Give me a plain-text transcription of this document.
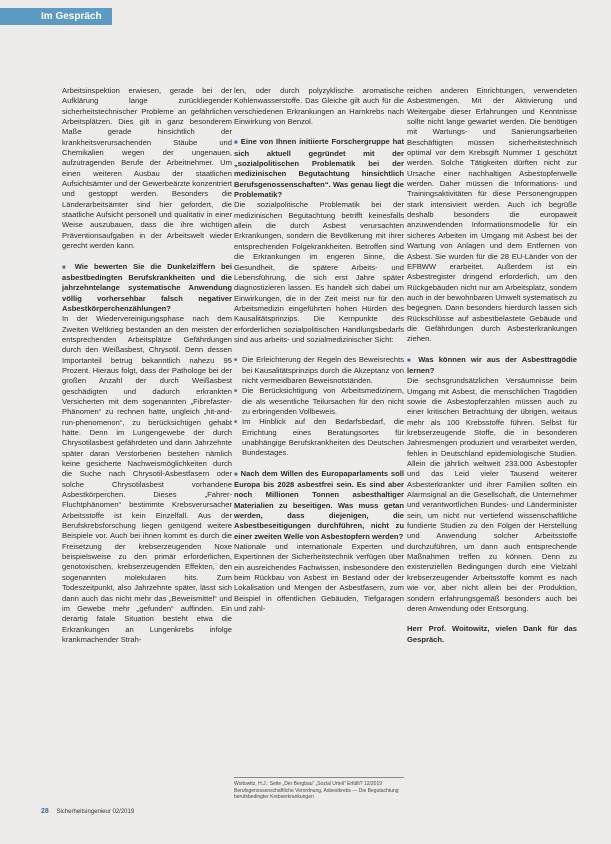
Im Gespräch

Arbeitsinspektion erwiesen, gerade bei der Aufklärung lange zurückliegender sicherheitstechnischer Probleme an gefährlichen Arbeitsplätzen. Dies gilt in ganz besonderem Maße gerade hinsichtlich der krankheitsverursachenden Stäube und Chemikalien wegen der ungenauen, aufzutragenden Berufe der Arbeitnehmer. Um einen weiteren Ausbau der staatlichen Aufsichtsämter und der Gewerbeärzte konzentriert und gestoppt werden. Besonders die Länderarbeitsämter sind hier gefordert, die staatliche Aufsicht personell und qualitativ in einer Weise auszubauen, dass die ihre wichtigen Präventionsaufgaben in der Arbeitswelt wieder gerecht werden kann.

■ Wie bewerten Sie die Dunkelziffern bei asbestbedingten Berufskrankheiten und die jahrzehntelange systematische Anwendung völlig vorhersehbar falsch negativer Asbestkörperchenzählungen?

In der Wiedervereinigungsphase nach dem Zweiten Weltkrieg bestanden an den meisten der entsprechenden Arbeitsplätze Gefährdungen durch den Weißasbest, Chrysotil. Denn dessen Importanteil betrug bekanntlich nahezu 95 Prozent. Hieraus folgt, dass der Pathologe bei der großen Anzahl der durch Weißasbest geschädigten und dadurch erkrankten Versicherten mit dem sogenannten „Fibrefaster-Phänomen“ zu rechnen hatte, ungleich „hit-and-run-phenomenon“, zu berücksichtigen gehabt hätte. Denn im Lungengewebe der durch Chrysotilasbest gefährdeten und dann Jahrzehnte später daran Verstorbenen bestehen nämlich keine gesicherte Nachweismöglichkeiten durch die Suche nach Chrysotil-Asbestfasern oder solche Chrysotilasbest vorhandene Asbestkörperchen. Dieses „Fahrer-Fluchtphänomen“ bestimmte Krebsverursacher Arbeitsstoffe ist kein Einzelfall. Aus der Berufskrebsforschung liegen genügend weitere Beispiele vor. Auch bei ihnen kommt es durch die Freisetzung der krebserzeugenden Noxe beispielsweise zu den primär erforderlichen, genotoxischen, krebserzeugenden Effekten, den sogenannten molekularen hits. Zum Todeszeitpunkt, also Jahrzehnte später, lässt sich dann auch das nicht mehr das „Beweismittel“ und im Gewebe mehr „gefunden“ auffinden. Ein derartig fatale Situation besteht etwa die Erkrankungen an Lungenkrebs infolge krankmachender Strah-

len, oder durch polyzyklische aromatische Kohlenwasserstoffe. Das Gleiche gilt auch für die verschiedenen Erkrankungen an Harnkrebs nach Einwirkung von Benzol.

■ Eine von Ihnen initiierte Forschergruppe hat sich aktuell gegründet mit der „sozialpolitischen Problematik bei der medizinischen Begutachtung hinsichtlich Berufsgenossenschaften“. Was genau liegt die Problematik?

Die sozialpolitische Problematik bei der medizinischen Begutachtung betrifft keinesfalls allein die durch Asbest verursachten Erkrankungen, sondern die Bevölkerung mit ihrer entsprechenden Folgekrankheiten. Betroffen sind die Erkrankungen im engeren Sinne, die Gesundheit, die spätere Arbeits- und Lebensführung, die sich erst Jahre später diagnostizieren lassen. Es handelt sich dabei um Einwirkungen, die in der Zeit meist nur für den Arbeitsmedizin eingeführten hohen Hürden des Kausalitätsprinzips. Die Kernpunkte des erforderlichen sozialpolitischen Handlungsbedarfs sind aus arbeits- und sozialmedizinischer Sicht:

■ Die Erleichterung der Regeln des Beweisrechts bei Kausalitätsprinzips durch die Akzeptanz von nicht vermeidbaren Beweisnotständen.
■ Die Berücksichtigung von Arbeitsmedizinern, die als wesentliche Teilursachen für den nicht zu erbringenden Vollbeweis.
■ Im Hinblick auf den Bedarfsbedarf, die Errichtung eines Beratungsortes für unabhängige Berufskrankheiten des Deutschen Bundestages.

■ Nach dem Willen des Europaparlaments soll Europa bis 2028 asbestfrei sein. Es sind aber noch Millionen Tonnen asbesthaltiger Materialien zu beseitigen. Was muss getan werden, dass diejenigen, die Asbestbeseitigungen durchführen, nicht zu einer zweiten Welle von Asbestopfern werden?

Nationale und internationale Experten und Expertinnen der Sicherheitstechnik verfügen über ein ausreichendes Fachwissen, insbesondere den beim Rückbau von Asbest im Bestand oder der Lokalisation und Mengen der Asbestfasern, zum Beispiel in öffentlichen Gebäuden, Tiefgaragen und zahl-

reichen anderen Einrichtungen, verwendeten Asbestmengen. Mit der Aktivierung und Weitergabe dieser Erfahrungen und Kenntnisse sollte nicht lange gewartet werden. Die benötigen mit Wartungs- und Sanierungsarbeiten Beschäftigten müssen sicherheitstechnisch optimal vor dem Krebsgift Nummer 1 geschützt werden. Solche Tätigkeiten dürften nicht zur Ursache einer nachhaltigen Asbestopferwelle werden. Daher müssen die Informations- und Trainingsaktivitäten für diese Personengruppen stark intensiviert werden. Auch ich begrüße deshalb besonders die europaweit anzuwendenden Informationsmodelle für ein sicheres Arbeiten im Umgang mit Asbest bei der Wartung von Anlagen und dem Entfernen von Asbest. Sie wurden für die 28 EU-Länder von der EFBWW erarbeitet. Außerdem ist ein Asbestregister dringend erforderlich, um den Rückgebäuden nicht nur am Arbeitsplatz, sondern auch in der bewohnbaren Umwelt systematisch zu begegnen. Dann besonders hierdurch lassen sich Rückschlüsse auf asbestbelastete Gebäude und die Gefährdungen durch Asbesterkrankungen ziehen.

■ Was können wir aus der Asbesttragödie lernen?

Die sechsgrundsätzlichen Versäumnisse beim Umgang mit Asbest, die menschlichen Tragödien sowie die Asbestopferzahlen müssen auch zu einer kritischen Betrachtung der übrigen, weitaus mehr als 100 Krebsstoffe führen. Selbst für krebserzeugende Stoffe, die in besonderen Jahresmengen produziert und verarbeitet werden, fehlen in Deutschland epidemiologische Studien. Allein die jährlich weltweit 233.000 Asbestopfer und das Leid vieler Tausend weiterer Asbesterkrankter und ihrer Familien sollten ein Alarmsignal an die Gesellschaft, die Unternehmer und verantwortlichen Bundes- und Länderminister sein, um nicht nur vertiefend wissenschaftliche fundierte Studien zu den Folgen der Herstellung und Anwendung solcher Arbeitsstoffe durchzuführen, um dann auch entsprechende Maßnahmen treffen zu können. Denn zu existenziellen Bedingungen durch eine Vielzahl krebserzeugender Arbeitsstoffe kommt es nach wie vor, aber nicht allein bei der Produktion, sondern erfahrungsgemäß besonders auch bei deren Anwendung oder Entsorgung.

Herr Prof. Woitowitz, vielen Dank für das Gespräch.

Woitowitz, H.J.: Seite „Der Bergbau“ „Sozial Urteil“ Erfüllt? 12/2019 Berufsgenossenschaftliche Verordnung, Asbestkrebs — Die Begutachtung berufsbedingter Krebserkrankungen
28 Sicherheitsingenieur 02/2019
